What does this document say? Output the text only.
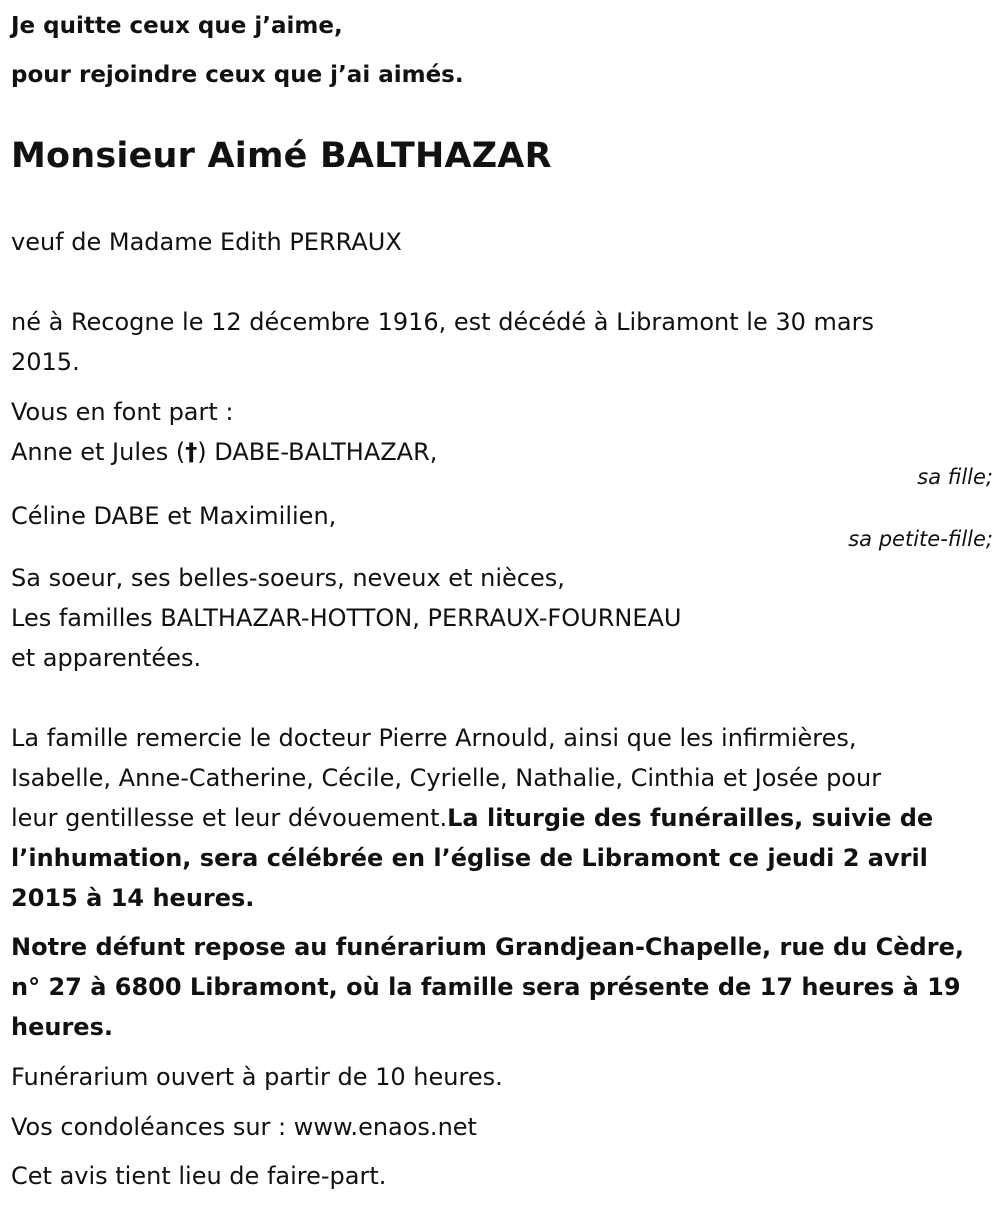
Je quitte ceux que j’aime,
pour rejoindre ceux que j’ai aimés.
Monsieur Aimé BALTHAZAR
veuf de Madame Edith PERRAUX
né à Recogne le 12 décembre 1916, est décédé à Libramont le 30 mars
2015.
Vous en font part :
Anne et Jules (†) DABE-BALTHAZAR,
sa fille;
Céline DABE et Maximilien,
sa petite-fille;
Sa soeur, ses belles-soeurs, neveux et nièces,
Les familles BALTHAZAR-HOTTON, PERRAUX-FOURNEAU
et apparentées.
La famille remercie le docteur Pierre Arnould, ainsi que les infirmières,
Isabelle, Anne-Catherine, Cécile, Cyrielle, Nathalie, Cinthia et Josée pour
leur gentillesse et leur dévouement.La liturgie des funérailles, suivie de
l’inhumation, sera célébrée en l’église de Libramont ce jeudi 2 avril
2015 à 14 heures.
Notre défunt repose au funérarium Grandjean-Chapelle, rue du Cèdre,
n° 27 à 6800 Libramont, où la famille sera présente de 17 heures à 19
heures.
Funérarium ouvert à partir de 10 heures.
Vos condoléances sur : www.enaos.net
Cet avis tient lieu de faire-part.
